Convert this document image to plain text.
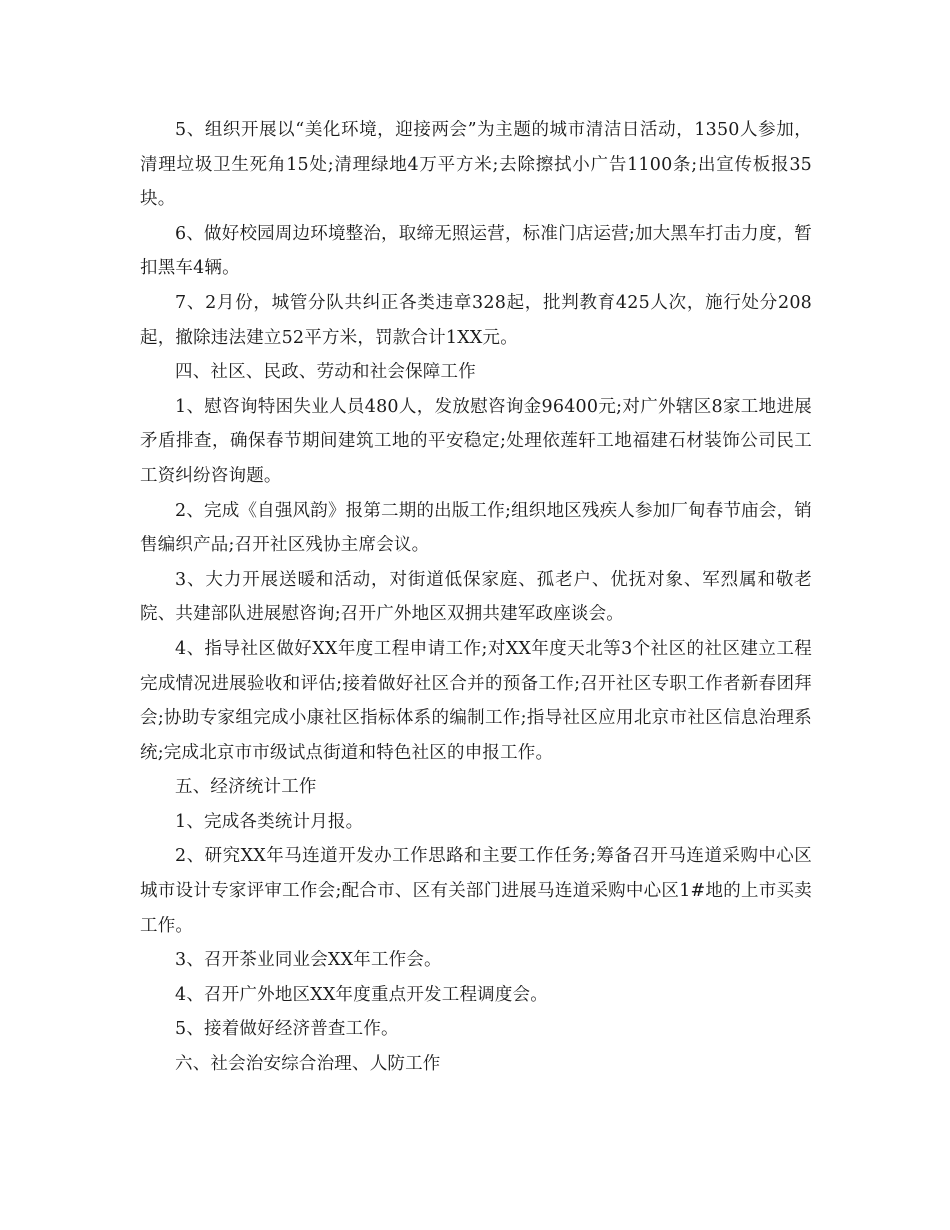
5、组织开展以“美化环境，迎接两会”为主题的城市清洁日活动，1350人参加，清理垃圾卫生死角15处;清理绿地4万平方米;去除擦拭小广告1100条;出宣传板报35块。

6、做好校园周边环境整治，取缔无照运营，标准门店运营;加大黑车打击力度，暂扣黑车4辆。

7、2月份，城管分队共纠正各类违章328起，批判教育425人次，施行处分208起，撤除违法建立52平方米，罚款合计1XX元。

四、社区、民政、劳动和社会保障工作

1、慰咨询特困失业人员480人，发放慰咨询金96400元;对广外辖区8家工地进展矛盾排查，确保春节期间建筑工地的平安稳定;处理依莲轩工地福建石材装饰公司民工工资纠纷咨询题。

2、完成《自强风韵》报第二期的出版工作;组织地区残疾人参加厂甸春节庙会，销售编织产品;召开社区残协主席会议。

3、大力开展送暖和活动，对街道低保家庭、孤老户、优抚对象、军烈属和敬老院、共建部队进展慰咨询;召开广外地区双拥共建军政座谈会。

4、指导社区做好XX年度工程申请工作;对XX年度天北等3个社区的社区建立工程完成情况进展验收和评估;接着做好社区合并的预备工作;召开社区专职工作者新春团拜会;协助专家组完成小康社区指标体系的编制工作;指导社区应用北京市社区信息治理系统;完成北京市市级试点街道和特色社区的申报工作。

五、经济统计工作

1、完成各类统计月报。

2、研究XX年马连道开发办工作思路和主要工作任务;筹备召开马连道采购中心区城市设计专家评审工作会;配合市、区有关部门进展马连道采购中心区1#地的上市买卖工作。

3、召开茶业同业会XX年工作会。

4、召开广外地区XX年度重点开发工程调度会。

5、接着做好经济普查工作。

六、社会治安综合治理、人防工作
